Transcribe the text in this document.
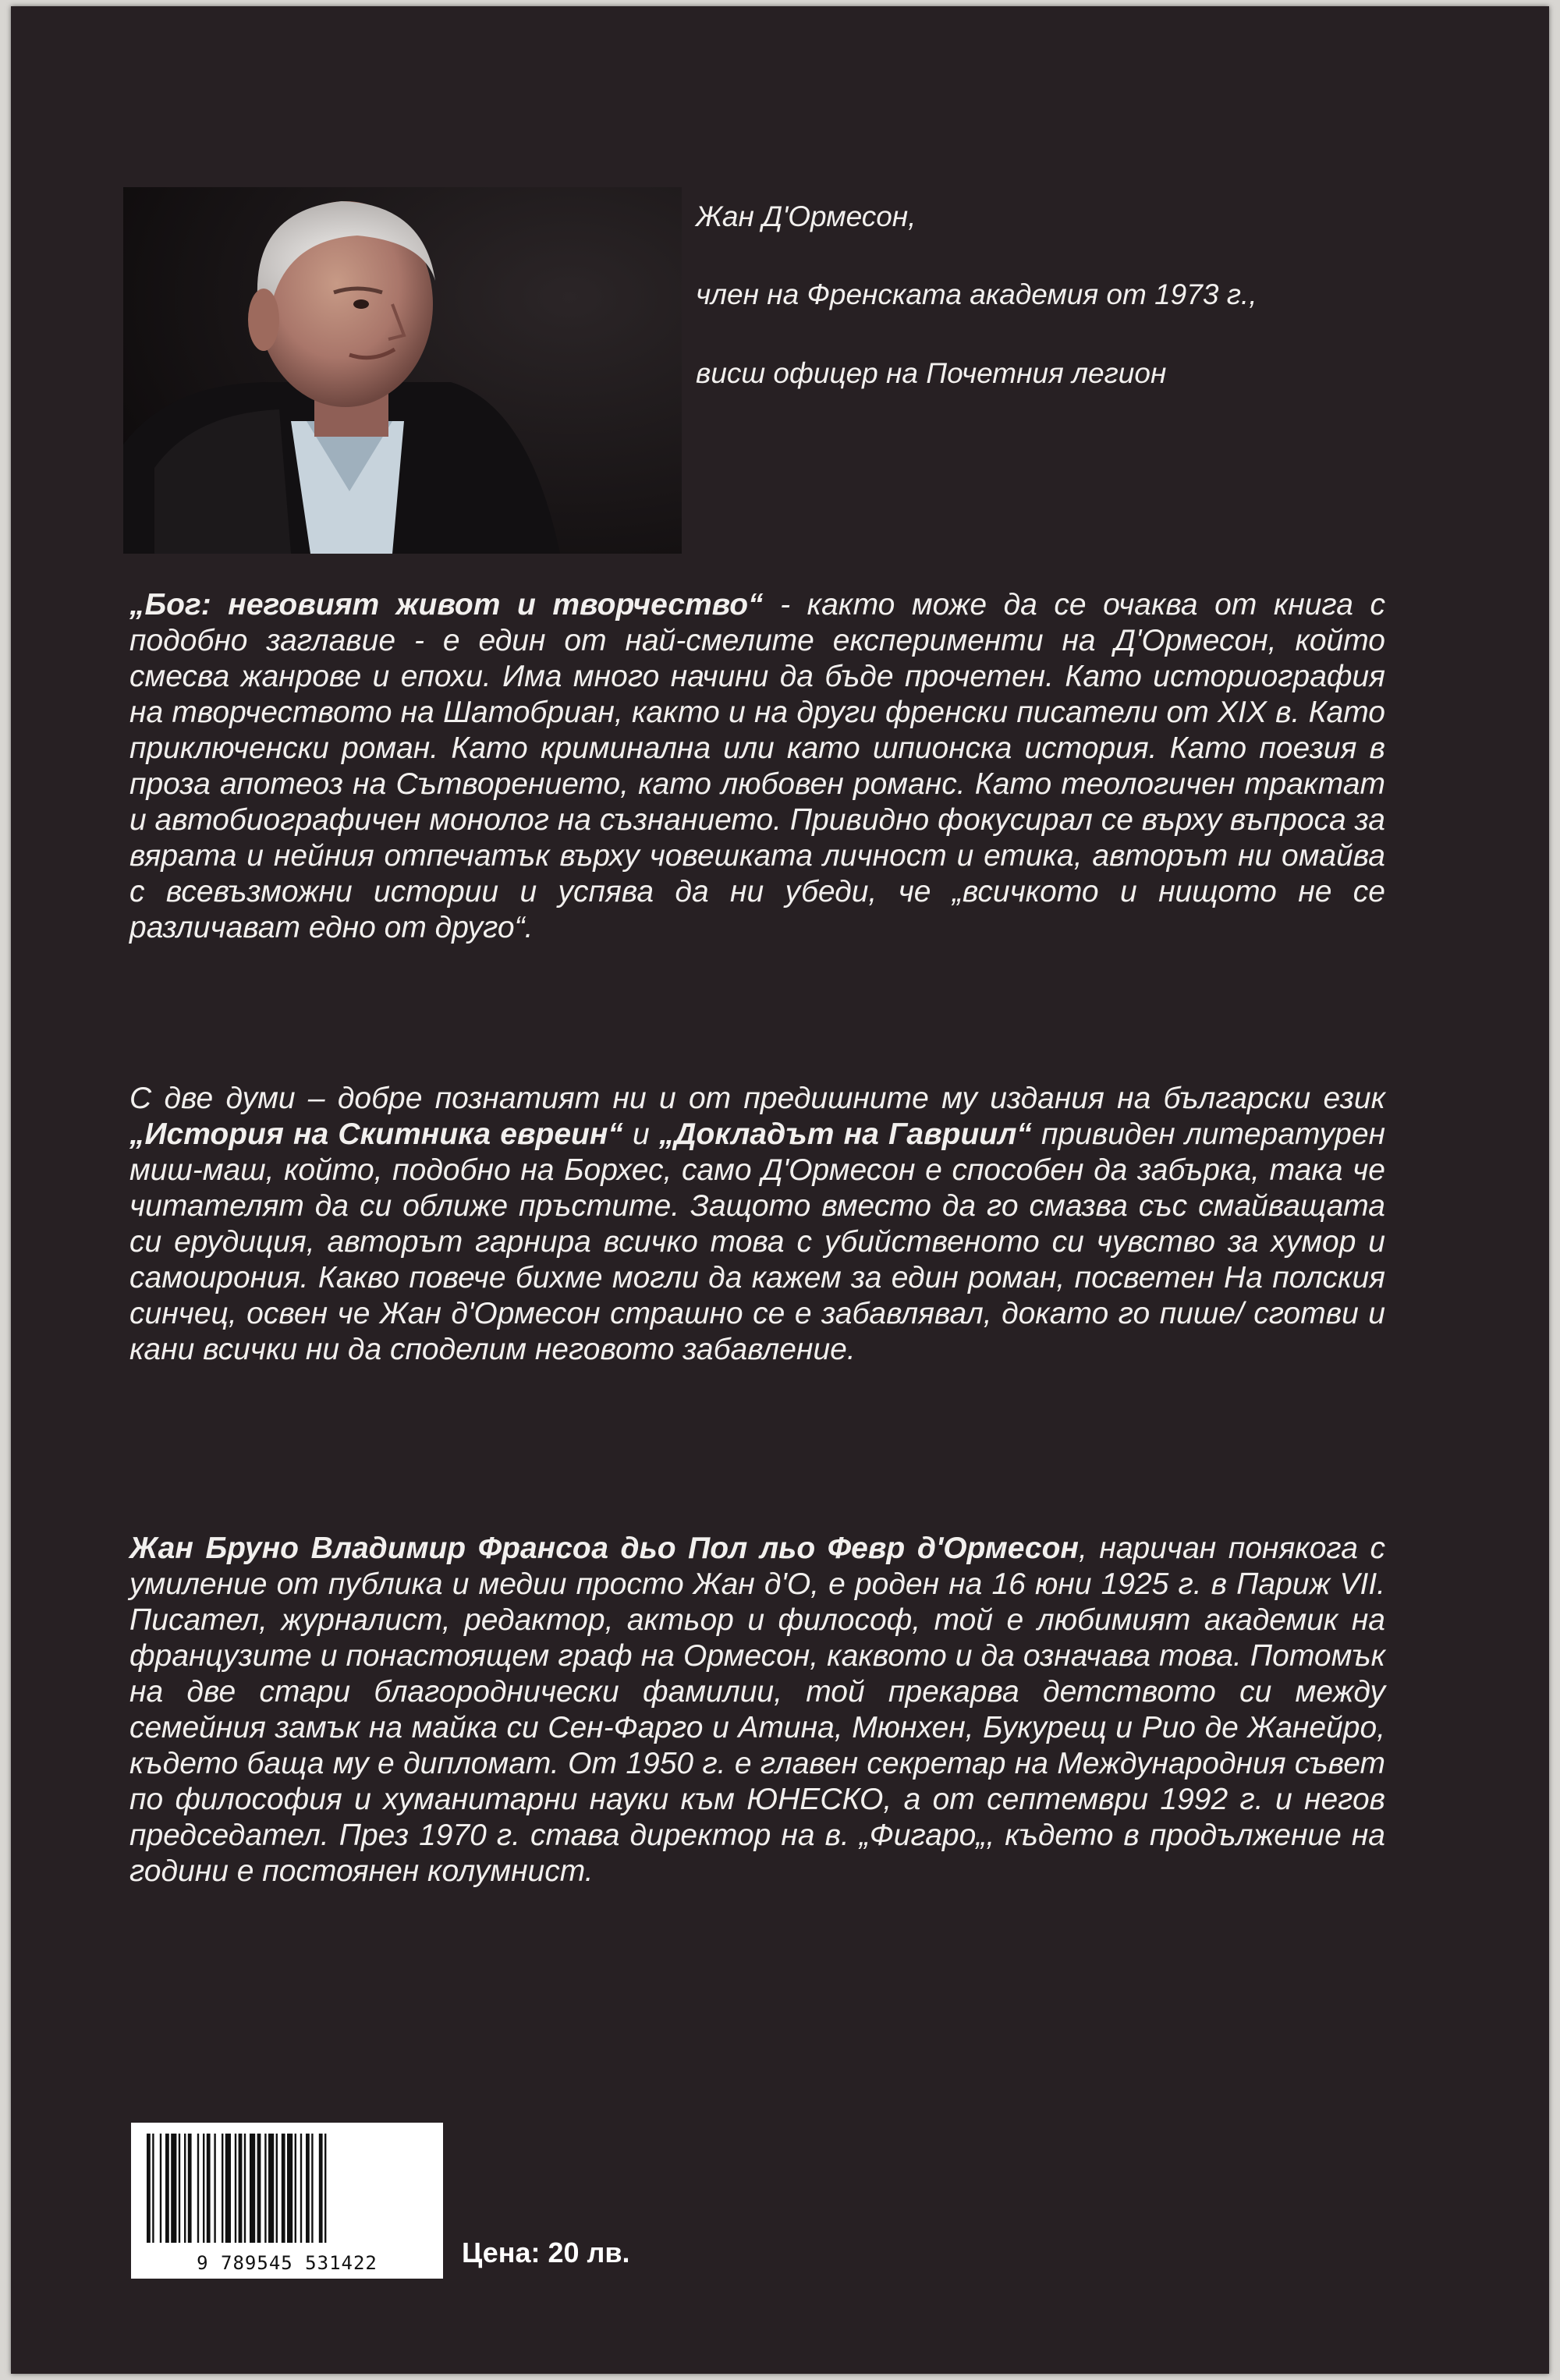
Жан Д'Ормесон,
член на Френската академия от 1973 г.,
висш офицер на Почетния легион
„Бог: неговият живот и творчество“ - както може да се очаква от книга с подобно заглавие - е един от най-смелите експерименти на Д'Ормесон, който смесва жанрове и епохи. Има много начини да бъде прочетен. Като историография на творчеството на Шатобриан, както и на други френски писатели от XIX в. Като приключенски роман. Като криминална или като шпионска история. Като поезия в проза апотеоз на Сътворението, като любовен романс. Като теологичен трактат и автобиографичен монолог на съзнанието. Привидно фокусирал се върху въпроса за вярата и нейния отпечатък върху човешката личност и етика, авторът ни омайва с всевъзможни истории и успява да ни убеди, че „всичкото и нищото не се различават едно от друго“.
С две думи – добре познатият ни и от предишните му издания на български език „История на Скитника евреин“ и „Докладът на Гавриил“ привиден литературен миш-маш, който, подобно на Борхес, само Д'Ормесон е способен да забърка, така че читателят да си оближе пръстите. Защото вместо да го смазва със смайващата си ерудиция, авторът гарнира всичко това с убийственото си чувство за хумор и самоирония. Какво повече бихме могли да кажем за един роман, посветен На полския синчец, освен че Жан д'Ормесон страшно се е забавлявал, докато го пише/ сготви и кани всички ни да споделим неговото забавление.
Жан Бруно Владимир Франсоа дьо Пол льо Февр д'Ормесон, наричан понякога с умиление от публика и медии просто Жан д'О, е роден на 16 юни 1925 г. в Париж VII. Писател, журналист, редактор, актьор и философ, той е любимият академик на французите и понастоящем граф на Ормесон, каквото и да означава това. Потомък на две стари благороднически фамилии, той прекарва детството си между семейния замък на майка си Сен-Фарго и Атина, Мюнхен, Букурещ и Рио де Жанейро, където баща му е дипломат. От 1950 г. е главен секретар на Международния съвет по философия и хуманитарни науки към ЮНЕСКО, а от септември 1992 г. и негов председател. През 1970 г. става директор на в. „Фигаро„, където в продължение на години е постоянен колумнист.
9 789545 531422	Цена: 20 лв.
